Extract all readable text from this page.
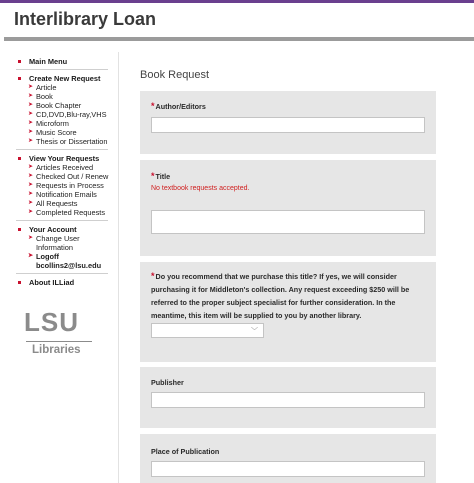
Interlibrary Loan
Main Menu
Create New Request
➤ Article
➤ Book
➤ Book Chapter
➤ CD,DVD,Blu-ray,VHS
➤ Microform
➤ Music Score
➤ Thesis or Dissertation
View Your Requests
➤ Articles Received
➤ Checked Out / Renew
➤ Requests in Process
➤ Notification Emails
➤ All Requests
➤ Completed Requests
Your Account
➤ Change User Information
➤ Logoff bcollins2@lsu.edu
About ILLiad
LSU
Libraries
Book Request
*Author/Editors
*Title
No textbook requests accepted.
*Do you recommend that we purchase this title? If yes, we will consider purchasing it for Middleton's collection. Any request exceeding $250 will be referred to the proper subject specialist for further consideration. In the meantime, this item will be supplied to you by another library.
﹀
Publisher
Place of Publication
